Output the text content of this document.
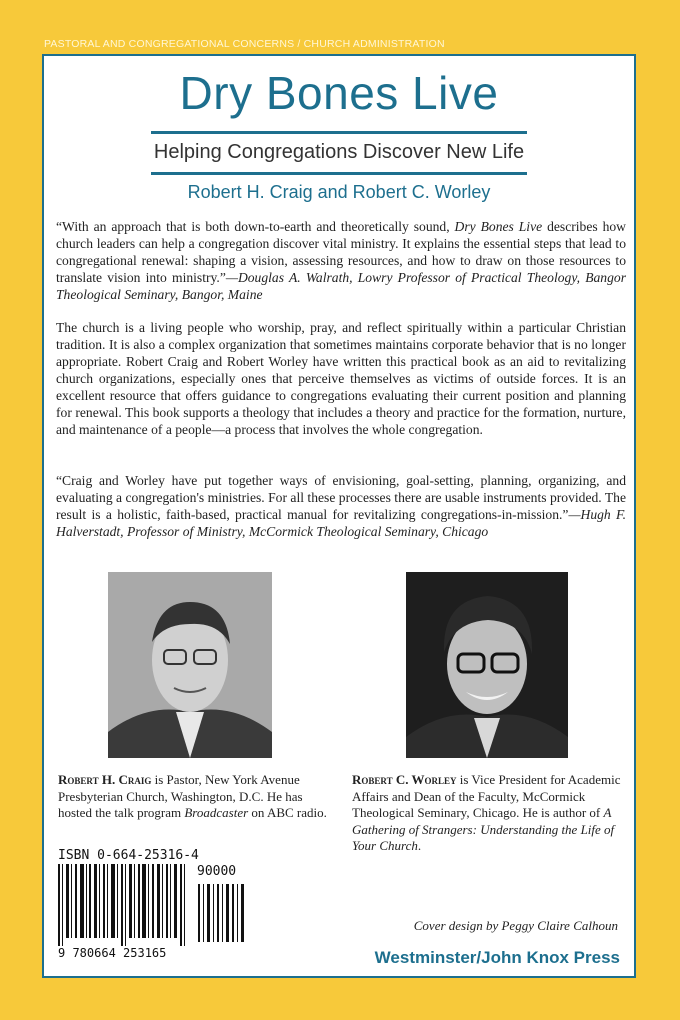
PASTORAL AND CONGREGATIONAL CONCERNS / CHURCH ADMINISTRATION
Dry Bones Live
Helping Congregations Discover New Life
Robert H. Craig and Robert C. Worley

“With an approach that is both down-to-earth and theoretically sound, Dry Bones Live describes how church leaders can help a congregation discover vital ministry. It explains the essential steps that lead to congregational renewal: shaping a vision, assessing resources, and how to draw on those resources to translate vision into ministry.”—Douglas A. Walrath, Lowry Professor of Practical Theology, Bangor Theological Seminary, Bangor, Maine

The church is a living people who worship, pray, and reflect spiritually within a particular Christian tradition. It is also a complex organization that sometimes maintains corporate behavior that is no longer appropriate. Robert Craig and Robert Worley have written this practical book as an aid to revitalizing church organizations, especially ones that perceive themselves as victims of outside forces. It is an excellent resource that offers guidance to congregations evaluating their current position and planning for renewal. This book supports a theology that includes a theory and practice for the formation, nurture, and maintenance of a people—a process that involves the whole congregation.

“Craig and Worley have put together ways of envisioning, goal-setting, planning, organizing, and evaluating a congregation's ministries. For all these processes there are usable instruments provided. The result is a holistic, faith-based, practical manual for revitalizing congregations-in-mission.”—Hugh F. Halverstadt, Professor of Ministry, McCormick Theological Seminary, Chicago

Robert H. Craig is Pastor, New York Avenue Presbyterian Church, Washington, D.C. He has hosted the talk program Broadcaster on ABC radio.

Robert C. Worley is Vice President for Academic Affairs and Dean of the Faculty, McCormick Theological Seminary, Chicago. He is author of A Gathering of Strangers: Understanding the Life of Your Church.

ISBN 0-664-25316-4
90000
9 780664 253165
Cover design by Peggy Claire Calhoun
Westminster/John Knox Press
